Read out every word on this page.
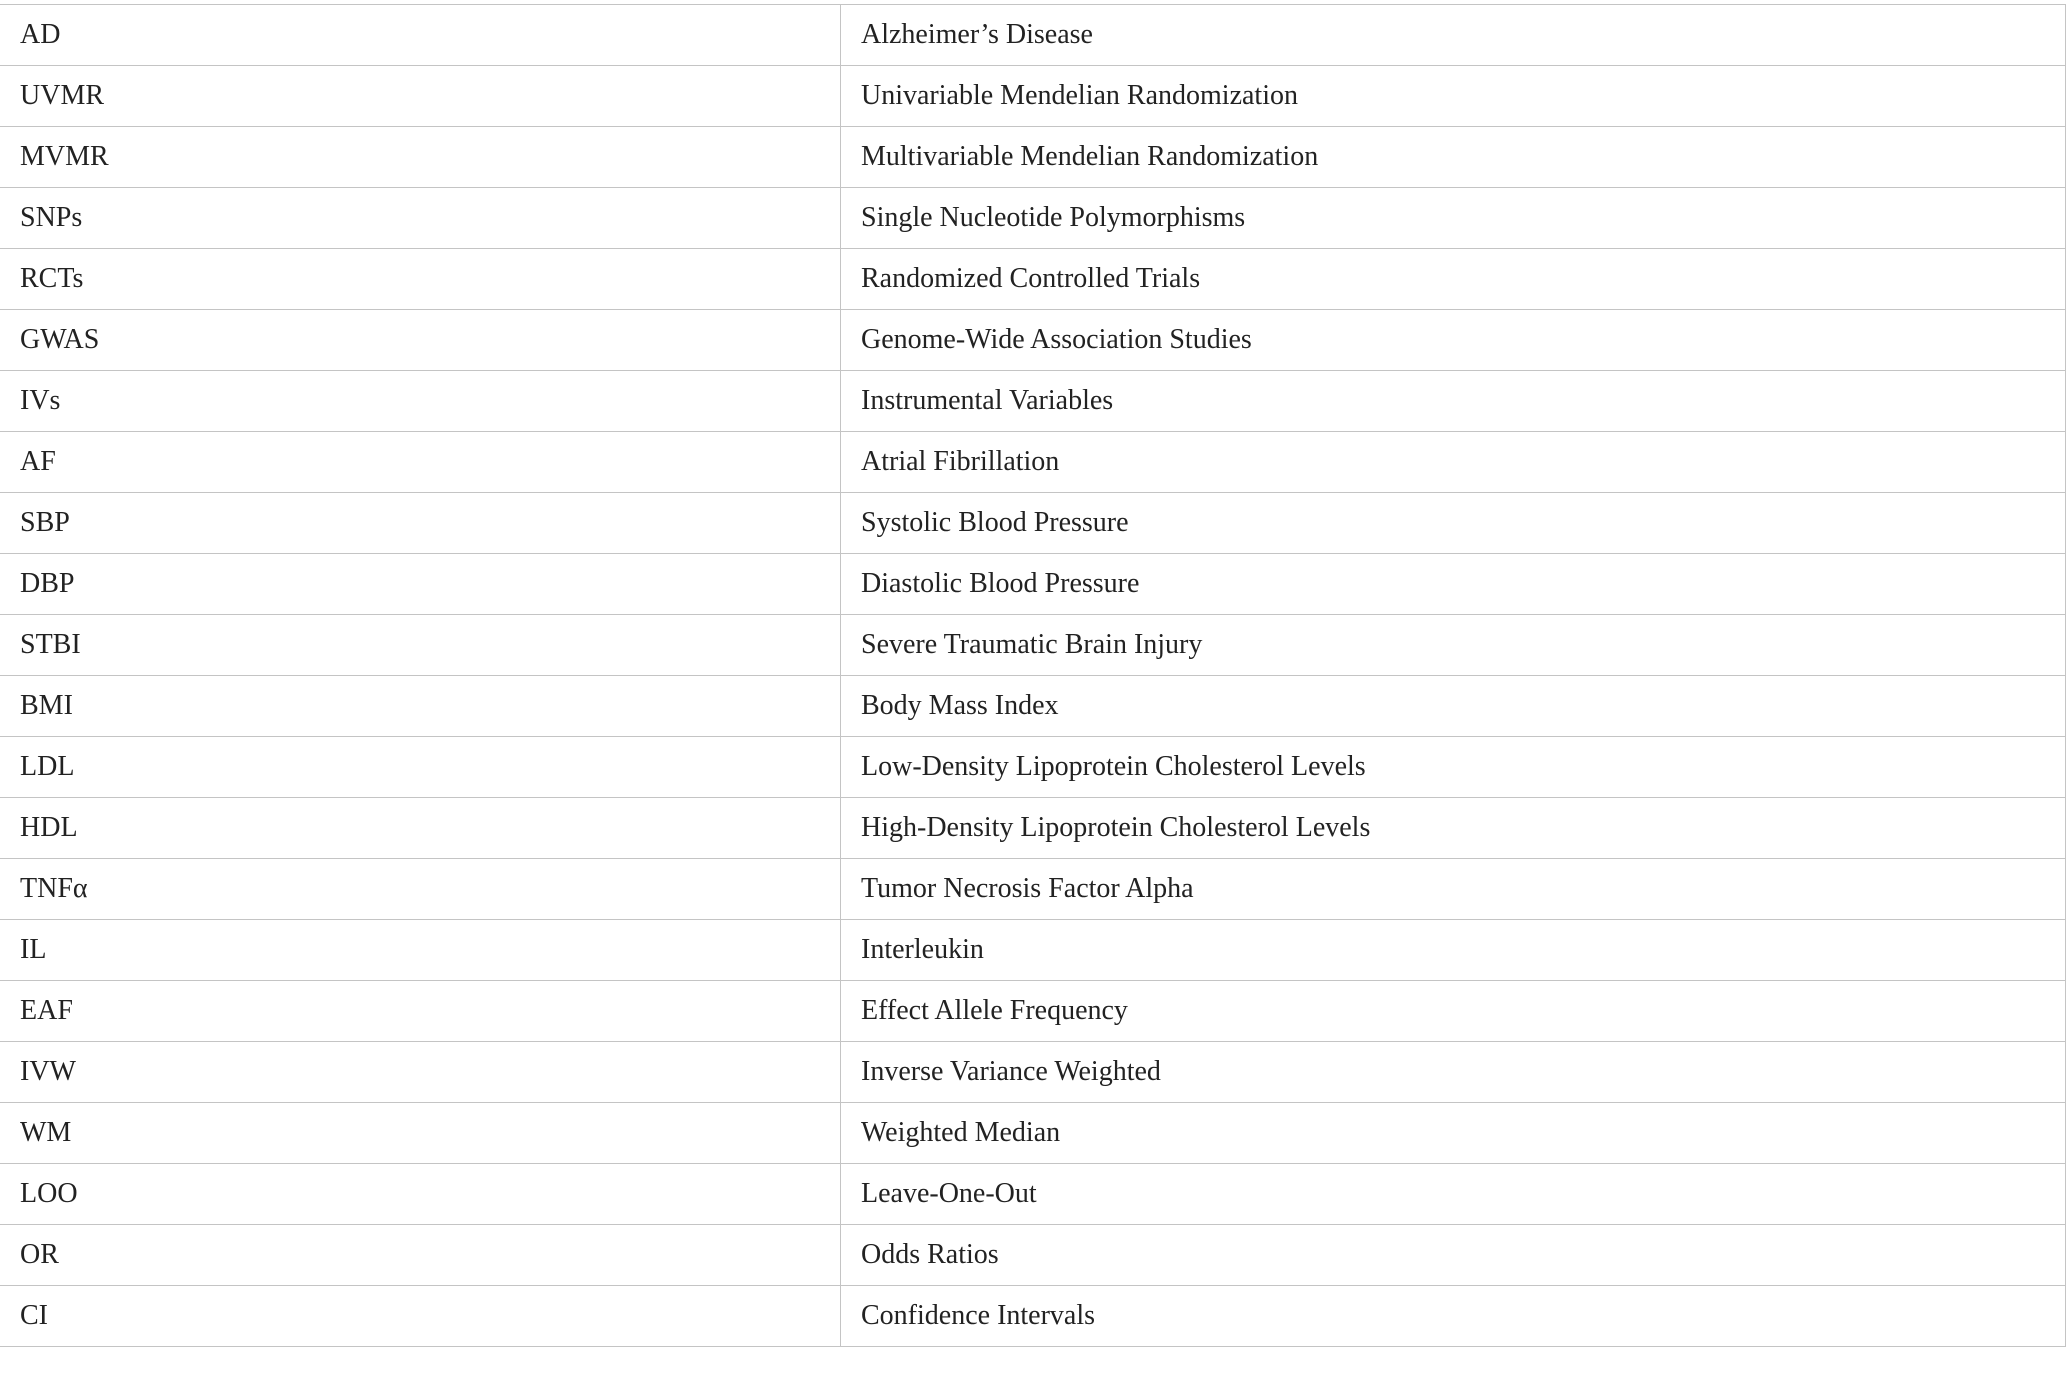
AD	Alzheimer’s Disease
UVMR	Univariable Mendelian Randomization
MVMR	Multivariable Mendelian Randomization
SNPs	Single Nucleotide Polymorphisms
RCTs	Randomized Controlled Trials
GWAS	Genome-Wide Association Studies
IVs	Instrumental Variables
AF	Atrial Fibrillation
SBP	Systolic Blood Pressure
DBP	Diastolic Blood Pressure
STBI	Severe Traumatic Brain Injury
BMI	Body Mass Index
LDL	Low-Density Lipoprotein Cholesterol Levels
HDL	High-Density Lipoprotein Cholesterol Levels
TNFα	Tumor Necrosis Factor Alpha
IL	Interleukin
EAF	Effect Allele Frequency
IVW	Inverse Variance Weighted
WM	Weighted Median
LOO	Leave-One-Out
OR	Odds Ratios
CI	Confidence Intervals
